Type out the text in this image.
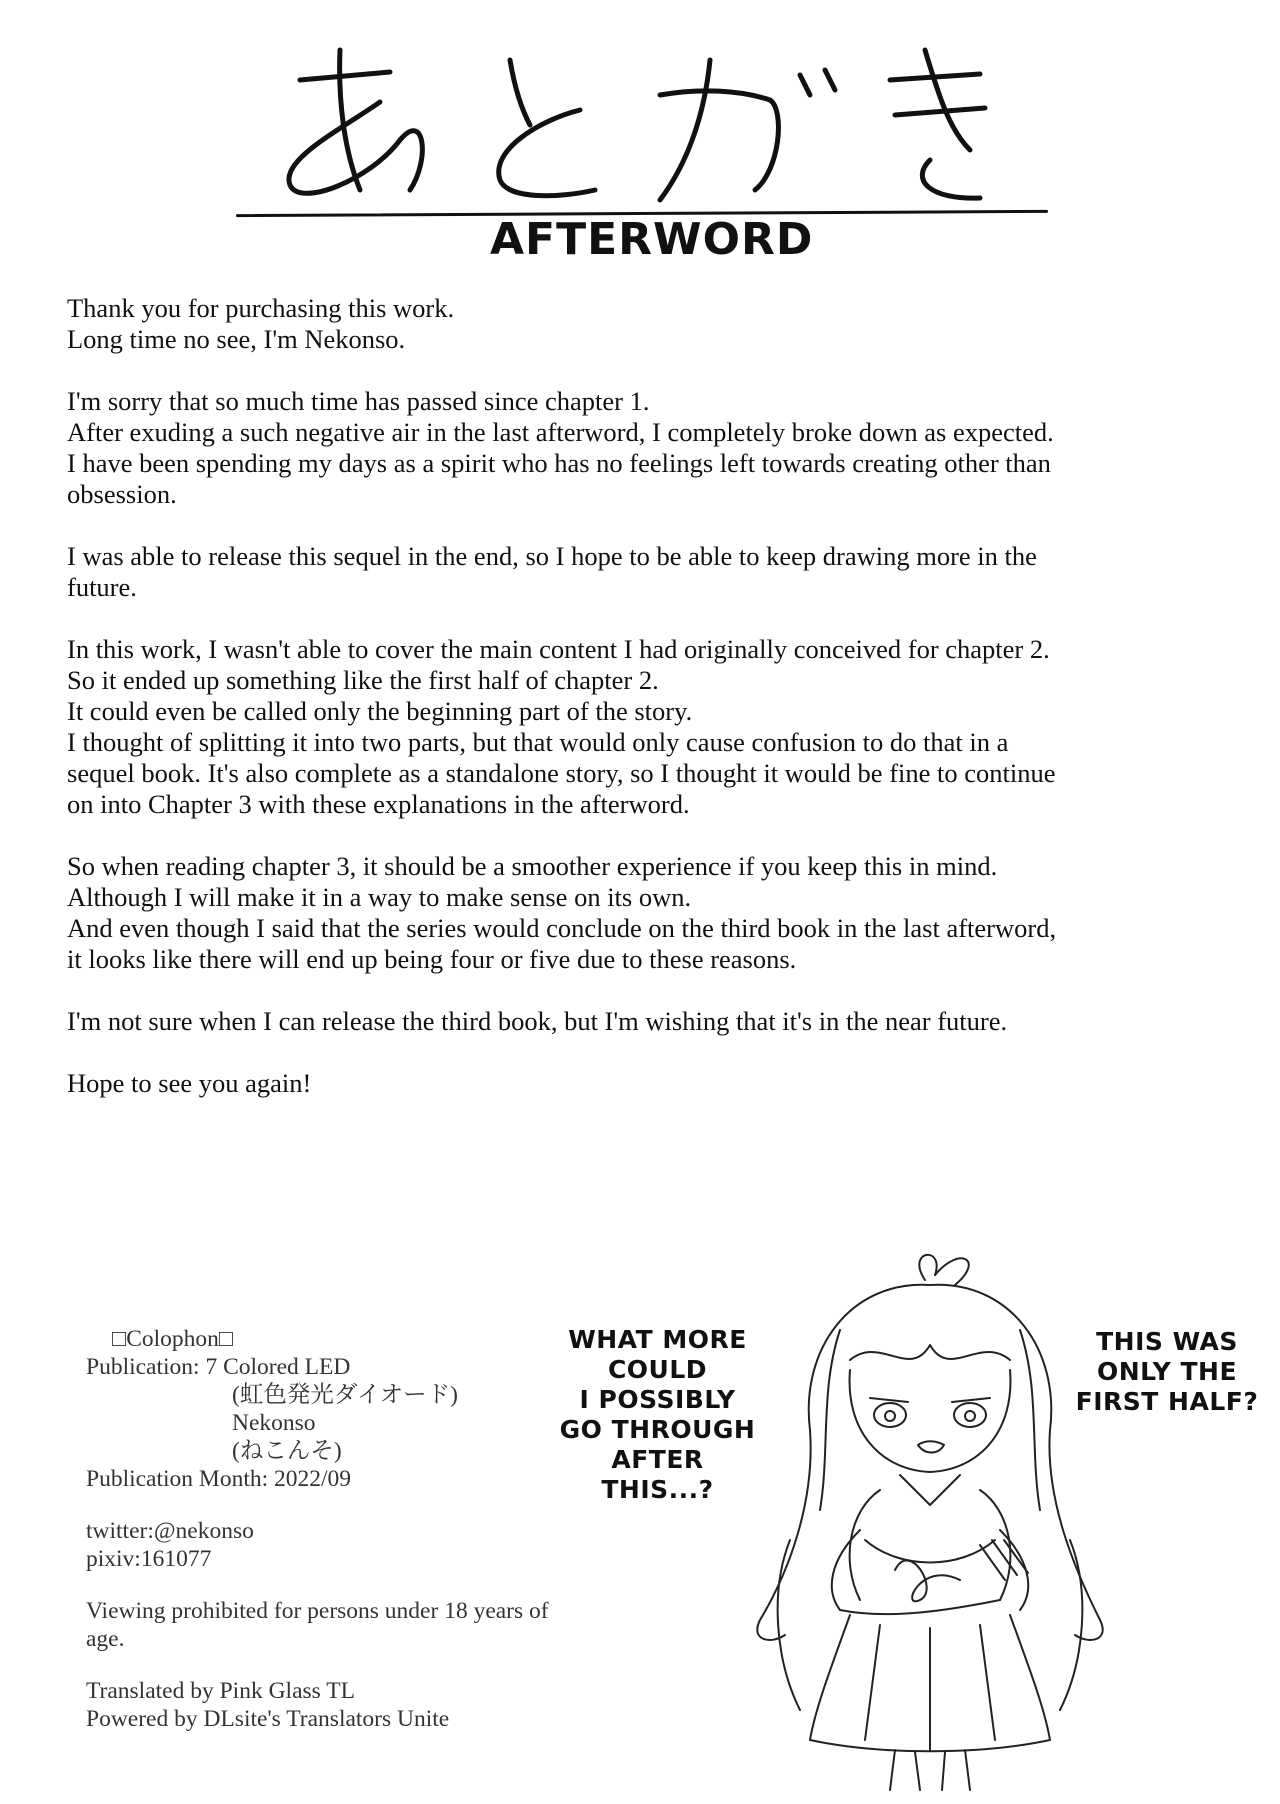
AFTERWORD

Thank you for purchasing this work.
Long time no see, I'm Nekonso.

I'm sorry that so much time has passed since chapter 1.
After exuding a such negative air in the last afterword, I completely broke down as expected.
I have been spending my days as a spirit who has no feelings left towards creating other than
obsession.

I was able to release this sequel in the end, so I hope to be able to keep drawing more in the
future.

In this work, I wasn't able to cover the main content I had originally conceived for chapter 2.
So it ended up something like the first half of chapter 2.
It could even be called only the beginning part of the story.
I thought of splitting it into two parts, but that would only cause confusion to do that in a
sequel book. It's also complete as a standalone story, so I thought it would be fine to continue
on into Chapter 3 with these explanations in the afterword.

So when reading chapter 3, it should be a smoother experience if you keep this in mind.
Although I will make it in a way to make sense on its own.
And even though I said that the series would conclude on the third book in the last afterword,
it looks like there will end up being four or five due to these reasons.

I'm not sure when I can release the third book, but I'm wishing that it's in the near future.

Hope to see you again!

□Colophon□
Publication: 7 Colored LED
(虹色発光ダイオード)
Nekonso
(ねこんそ)
Publication Month: 2022/09
twitter:@nekonso
pixiv:161077
Viewing prohibited for persons under 18 years of
age.
Translated by Pink Glass TL
Powered by DLsite's Translators Unite
WHAT MORE
COULD
I POSSIBLY
GO THROUGH
AFTER THIS...?
THIS WAS
ONLY THE
FIRST HALF?
